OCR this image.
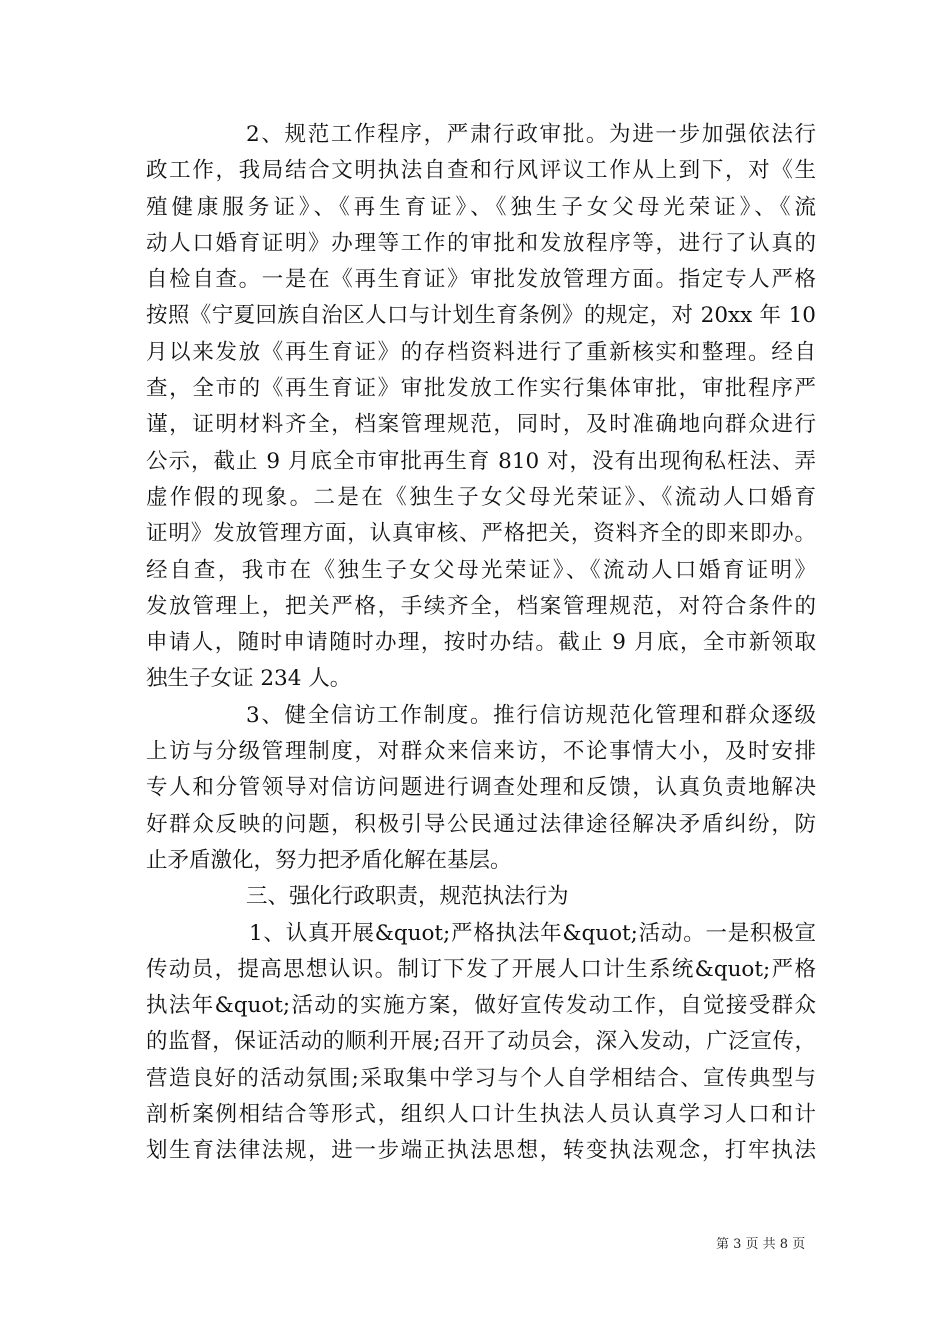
2、规范工作程序，严肃行政审批。为进一步加强依法行
政工作，我局结合文明执法自查和行风评议工作从上到下，对《生
殖健康服务证》、《再生育证》、《独生子女父母光荣证》、《流
动人口婚育证明》办理等工作的审批和发放程序等，进行了认真的
自检自查。一是在《再生育证》审批发放管理方面。指定专人严格
按照《宁夏回族自治区人口与计划生育条例》的规定，对 20xx 年 10
月以来发放《再生育证》的存档资料进行了重新核实和整理。经自
查，全市的《再生育证》审批发放工作实行集体审批，审批程序严
谨，证明材料齐全，档案管理规范，同时，及时准确地向群众进行
公示，截止 9 月底全市审批再生育 810 对，没有出现徇私枉法、弄
虚作假的现象。二是在《独生子女父母光荣证》、《流动人口婚育
证明》发放管理方面，认真审核、严格把关，资料齐全的即来即办。
经自查，我市在《独生子女父母光荣证》、《流动人口婚育证明》
发放管理上，把关严格，手续齐全，档案管理规范，对符合条件的
申请人，随时申请随时办理，按时办结。截止 9 月底，全市新领取
独生子女证 234 人。
3、健全信访工作制度。推行信访规范化管理和群众逐级
上访与分级管理制度，对群众来信来访，不论事情大小，及时安排
专人和分管领导对信访问题进行调查处理和反馈，认真负责地解决
好群众反映的问题，积极引导公民通过法律途径解决矛盾纠纷，防
止矛盾激化，努力把矛盾化解在基层。
三、强化行政职责，规范执法行为
1、认真开展&quot;严格执法年&quot;活动。一是积极宣
传动员，提高思想认识。制订下发了开展人口计生系统&quot;严格
执法年&quot;活动的实施方案，做好宣传发动工作，自觉接受群众
的监督，保证活动的顺利开展;召开了动员会，深入发动，广泛宣传，
营造良好的活动氛围;采取集中学习与个人自学相结合、宣传典型与
剖析案例相结合等形式，组织人口计生执法人员认真学习人口和计
划生育法律法规，进一步端正执法思想，转变执法观念，打牢执法
第 3 页 共 8 页
